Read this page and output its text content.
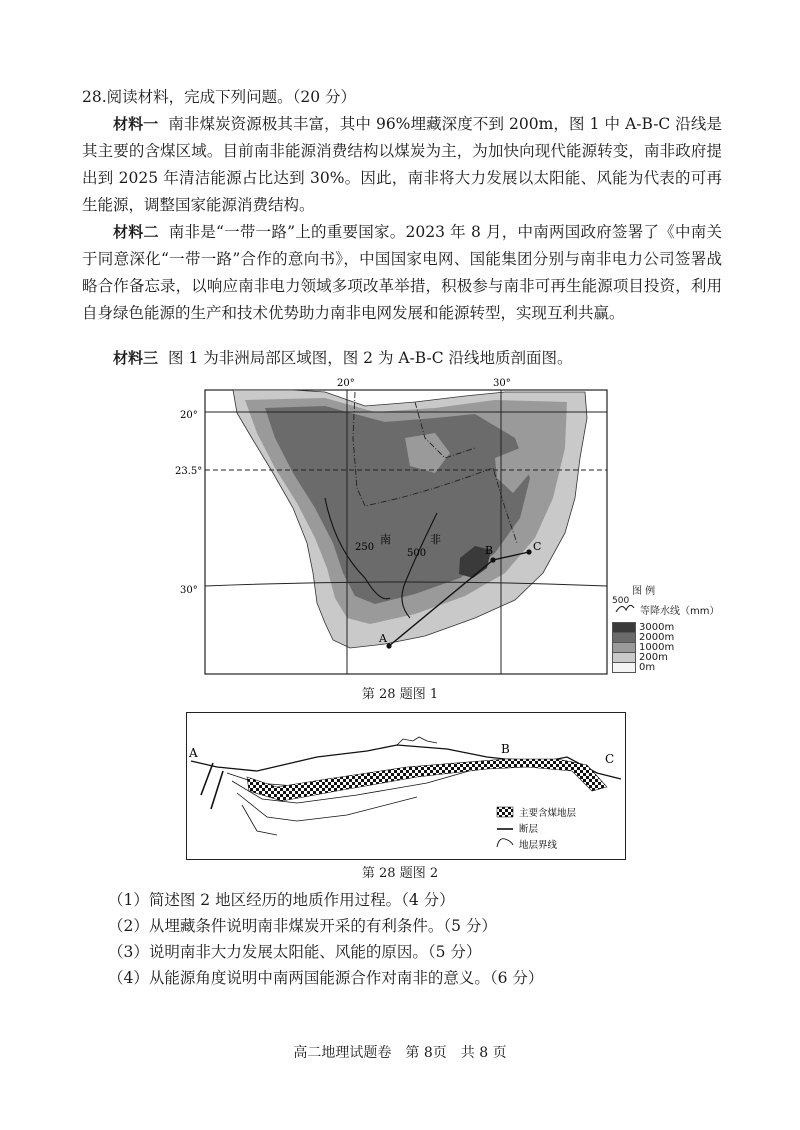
28.阅读材料，完成下列问题。（20 分）
材料一 南非煤炭资源极其丰富，其中 96%埋藏深度不到 200m，图 1 中 A-B-C 沿线是其主要的含煤区域。目前南非能源消费结构以煤炭为主，为加快向现代能源转变，南非政府提出到 2025 年清洁能源占比达到 30%。因此，南非将大力发展以太阳能、风能为代表的可再生能源，调整国家能源消费结构。
材料二 南非是“一带一路”上的重要国家。2023 年 8 月，中南两国政府签署了《中南关于同意深化“一带一路”合作的意向书》，中国国家电网、国能集团分别与南非电力公司签署战略合作备忘录，以响应南非电力领域多项改革举措，积极参与南非可再生能源项目投资，利用自身绿色能源的生产和技术优势助力南非电网发展和能源转型，实现互利共赢。
材料三 图 1 为非洲局部区域图，图 2 为 A-B-C 沿线地质剖面图。
20°	30°
20°
23.5°
30°
250
500
南	非
A
B	C
图 例
500
等降水线（mm）
3000m
2000m
1000m
200m
0m
第 28 题图 1
A	B
C
主要含煤地层
断层
地层界线
第 28 题图 2
（1）简述图 2 地区经历的地质作用过程。（4 分）
（2）从埋藏条件说明南非煤炭开采的有利条件。（5 分）
（3）说明南非大力发展太阳能、风能的原因。（5 分）
（4）从能源角度说明中南两国能源合作对南非的意义。（6 分）
高二地理试题卷　第 8页　共 8 页
